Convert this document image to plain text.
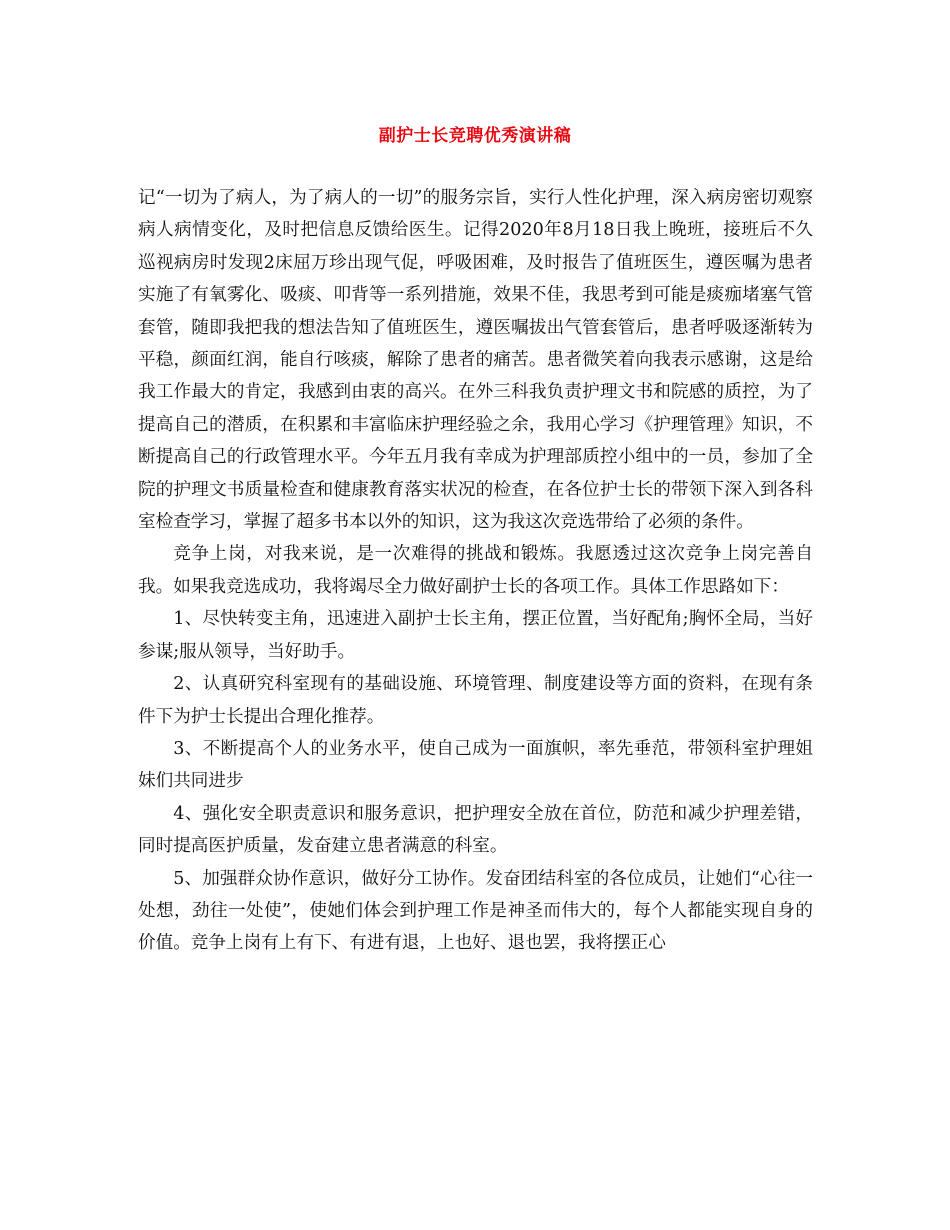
副护士长竞聘优秀演讲稿

记“一切为了病人，为了病人的一切”的服务宗旨，实行人性化护理，深入病房密切观察病人病情变化，及时把信息反馈给医生。记得2020年8月18日我上晚班，接班后不久巡视病房时发现2床屈万珍出现气促，呼吸困难，及时报告了值班医生，遵医嘱为患者实施了有氧雾化、吸痰、叩背等一系列措施，效果不佳，我思考到可能是痰痂堵塞气管套管，随即我把我的想法告知了值班医生，遵医嘱拔出气管套管后，患者呼吸逐渐转为平稳，颜面红润，能自行咳痰，解除了患者的痛苦。患者微笑着向我表示感谢，这是给我工作最大的肯定，我感到由衷的高兴。在外三科我负责护理文书和院感的质控，为了提高自己的潜质，在积累和丰富临床护理经验之余，我用心学习《护理管理》知识，不断提高自己的行政管理水平。今年五月我有幸成为护理部质控小组中的一员，参加了全院的护理文书质量检查和健康教育落实状况的检查，在各位护士长的带领下深入到各科室检查学习，掌握了超多书本以外的知识，这为我这次竞选带给了必须的条件。

竞争上岗，对我来说，是一次难得的挑战和锻炼。我愿透过这次竞争上岗完善自我。如果我竞选成功，我将竭尽全力做好副护士长的各项工作。具体工作思路如下：

1、尽快转变主角，迅速进入副护士长主角，摆正位置，当好配角;胸怀全局，当好参谋;服从领导，当好助手。

2、认真研究科室现有的基础设施、环境管理、制度建设等方面的资料，在现有条件下为护士长提出合理化推荐。

3、不断提高个人的业务水平，使自己成为一面旗帜，率先垂范，带领科室护理姐妹们共同进步

4、强化安全职责意识和服务意识，把护理安全放在首位，防范和减少护理差错，同时提高医护质量，发奋建立患者满意的科室。

5、加强群众协作意识，做好分工协作。发奋团结科室的各位成员，让她们“心往一处想，劲往一处使”，使她们体会到护理工作是神圣而伟大的，每个人都能实现自身的价值。竞争上岗有上有下、有进有退，上也好、退也罢，我将摆正心
